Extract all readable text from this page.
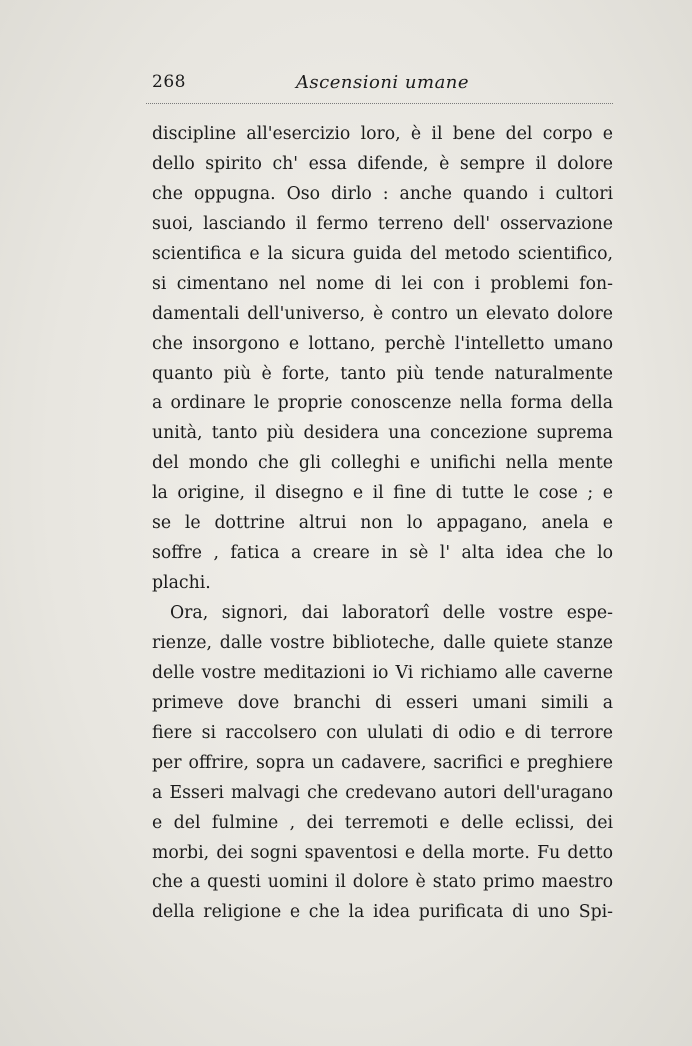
268	Ascensioni umane
discipline all'esercizio loro, è il bene del corpo e
dello spirito ch' essa difende, è sempre il dolore
che oppugna. Oso dirlo : anche quando i cultori
suoi, lasciando il fermo terreno dell' osservazione
scientifica e la sicura guida del metodo scientifico,
si cimentano nel nome di lei con i problemi fon-
damentali dell'universo, è contro un elevato dolore
che insorgono e lottano, perchè l'intelletto umano
quanto più è forte, tanto più tende naturalmente
a ordinare le proprie conoscenze nella forma della
unità, tanto più desidera una concezione suprema
del mondo che gli colleghi e unifichi nella mente
la origine, il disegno e il fine di tutte le cose ; e
se le dottrine altrui non lo appagano, anela e
soffre , fatica a creare in sè l' alta idea che lo
plachi.
Ora, signori, dai laboratorî delle vostre espe-
rienze, dalle vostre biblioteche, dalle quiete stanze
delle vostre meditazioni io Vi richiamo alle caverne
primeve dove branchi di esseri umani simili a
fiere si raccolsero con ululati di odio e di terrore
per offrire, sopra un cadavere, sacrifici e preghiere
a Esseri malvagi che credevano autori dell'uragano
e del fulmine , dei terremoti e delle eclissi, dei
morbi, dei sogni spaventosi e della morte. Fu detto
che a questi uomini il dolore è stato primo maestro
della religione e che la idea purificata di uno Spi-
